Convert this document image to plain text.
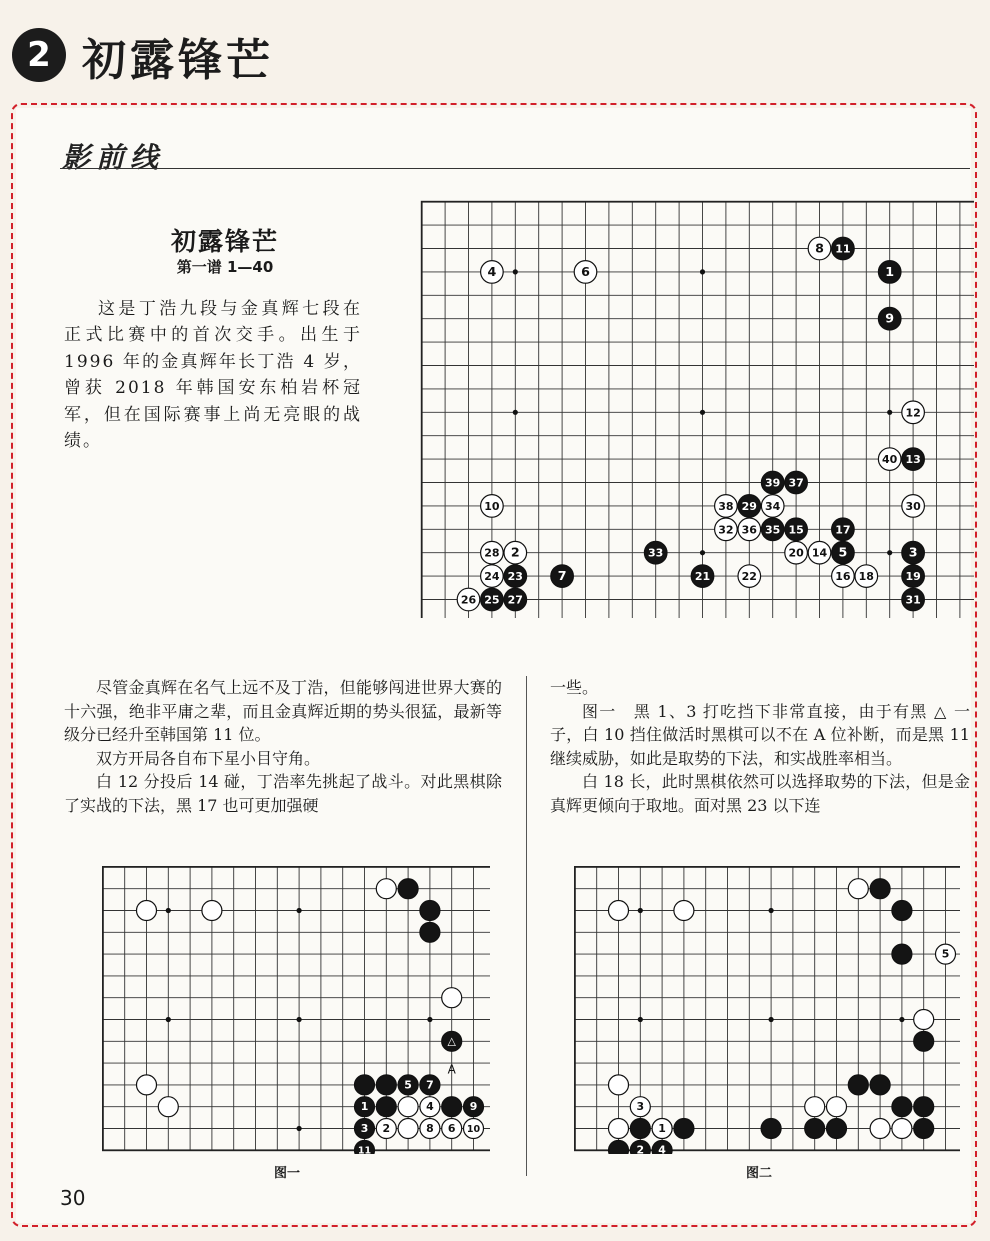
2 初露锋芒
影前线
初露锋芒
第一谱 1—40

这是丁浩九段与金真辉七段在正式比赛中的首次交手。出生于 1996 年的金真辉年长丁浩 4 岁，曾获 2018 年韩国安东柏岩杯冠军，但在国际赛事上尚无亮眼的战绩。

4	6
8 11
1
9
12
40 13
39 37
10	38 29 34	30
32 36 35 15	17
28 2	33	20 14 5	3
24 23	7	21	22	16 18	19
26 25 27	31

尽管金真辉在名气上远不及丁浩，但能够闯进世界大赛的十六强，绝非平庸之辈，而且金真辉近期的势头很猛，最新等级分已经升至韩国第 11 位。

双方开局各自布下星小目守角。

白 12 分投后 14 碰，丁浩率先挑起了战斗。对此黑棋除了实战的下法，黑 17 也可更加强硬

一些。

图一　黑 1、3 打吃挡下非常直接，由于有黑 △ 一子，白 10 挡住做活时黑棋可以不在 A 位补断，而是黑 11 继续威胁，如此是取势的下法，和实战胜率相当。

白 18 长，此时黑棋依然可以选择取势的下法，但是金真辉更倾向于取地。面对黑 23 以下连

△
5 7
1	4	9
3 2	8 6 10
11
A
图一
5
3
1
2 4
图二
30
